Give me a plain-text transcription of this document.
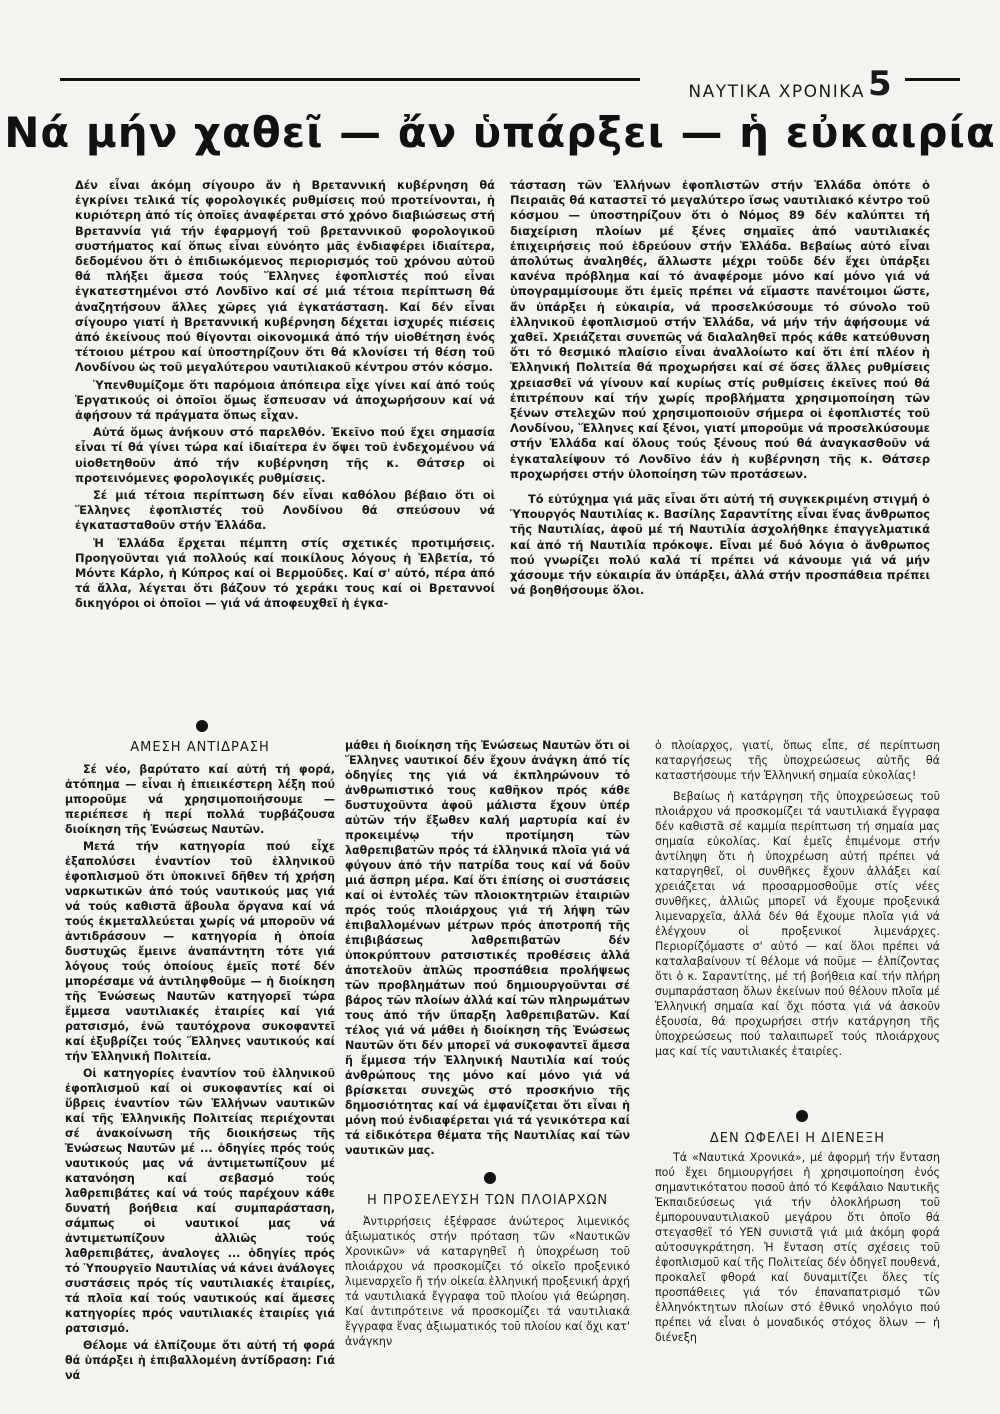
ΝΑΥΤΙΚΑ ΧΡΟΝΙΚΑ 5
Νά μήν χαθεῖ — ἄν ὑπάρξει — ἡ εὐκαιρία

Δέν εἶναι ἀκόμη σίγουρο ἄν ἡ Βρεταννική κυβέρνηση θά ἐγκρίνει τελικά τίς φορολογικές ρυθμίσεις πού προτείνονται, ἡ κυριότερη ἀπό τίς ὁποῖες ἀναφέρεται στό χρόνο διαβιώσεως στή Βρεταννία γιά τήν ἐφαρμογή τοῦ βρεταννικοῦ φορολογικοῦ συστήματος καί ὅπως εἶναι εὐνόητο μᾶς ἐνδιαφέρει ἰδιαίτερα, δεδομένου ὅτι ὁ ἐπιδιωκόμενος περιορισμός τοῦ χρόνου αὐτοῦ θά πλήξει ἄμεσα τούς Ἕλληνες ἐφοπλιστές πού εἶναι ἐγκατεστημένοι στό Λονδῖνο καί σέ μιά τέτοια περίπτωση θά ἀναζητήσουν ἄλλες χῶρες γιά ἐγκατάσταση. Καί δέν εἶναι σίγουρο γιατί ἡ Βρεταννική κυβέρνηση δέχεται ἰσχυρές πιέσεις ἀπό ἐκείνους πού θίγονται οἰκονομικά ἀπό τήν υἱοθέτηση ἑνός τέτοιου μέτρου καί ὑποστηρίζουν ὅτι θά κλονίσει τή θέση τοῦ Λονδίνου ὡς τοῦ μεγαλύτερου ναυτιλιακοῦ κέντρου στόν κόσμο.

Ὑπενθυμίζομε ὅτι παρόμοια ἀπόπειρα εἶχε γίνει καί ἀπό τούς Ἐργατικούς οἱ ὁποῖοι ὅμως ἔσπευσαν νά ἀποχωρήσουν καί νά ἀφήσουν τά πράγματα ὅπως εἶχαν.

Αὐτά ὅμως ἀνήκουν στό παρελθόν. Ἐκεῖνο πού ἔχει σημασία εἶναι τί θά γίνει τώρα καί ἰδιαίτερα ἐν ὄψει τοῦ ἐνδεχομένου νά υἱοθετηθοῦν ἀπό τήν κυβέρνηση τῆς κ. Θάτσερ οἱ προτεινόμενες φορολογικές ρυθμίσεις.

Σέ μιά τέτοια περίπτωση δέν εἶναι καθόλου βέβαιο ὅτι οἱ Ἕλληνες ἐφοπλιστές τοῦ Λονδίνου θά σπεύσουν νά ἐγκατασταθοῦν στήν Ἑλλάδα.

Ἡ Ἑλλάδα ἔρχεται πέμπτη στίς σχετικές προτιμήσεις. Προηγοῦνται γιά πολλούς καί ποικίλους λόγους ἡ Ἑλβετία, τό Μόντε Κάρλο, ἡ Κύπρος καί οἱ Βερμοῦδες. Καί σ' αὐτό, πέρα ἀπό τά ἄλλα, λέγεται ὅτι βάζουν τό χεράκι τους καί οἱ Βρεταννοί δικηγόροι οἱ ὁποῖοι — γιά νά ἀποφευχθεῖ ἡ ἐγκα-

τάσταση τῶν Ἑλλήνων ἐφοπλιστῶν στήν Ἑλλάδα ὁπότε ὁ Πειραιᾶς θά καταστεῖ τό μεγαλύτερο ἴσως ναυτιλιακό κέντρο τοῦ κόσμου — ὑποστηρίζουν ὅτι ὁ Νόμος 89 δέν καλύπτει τή διαχείριση πλοίων μέ ξένες σημαῖες ἀπό ναυτιλιακές ἐπιχειρήσεις πού ἑδρεύουν στήν Ἑλλάδα. Βεβαίως αὐτό εἶναι ἀπολύτως ἀναληθές, ἄλλωστε μέχρι τοῦδε δέν ἔχει ὑπάρξει κανένα πρόβλημα καί τό ἀναφέρομε μόνο καί μόνο γιά νά ὑπογραμμίσουμε ὅτι ἐμεῖς πρέπει νά εἴμαστε πανέτοιμοι ὥστε, ἄν ὑπάρξει ἡ εὐκαιρία, νά προσελκύσουμε τό σύνολο τοῦ ἑλληνικοῦ ἐφοπλισμοῦ στήν Ἑλλάδα, νά μήν τήν ἀφήσουμε νά χαθεῖ. Χρειάζεται συνεπῶς νά διαλαληθεῖ πρός κάθε κατεύθυνση ὅτι τό θεσμικό πλαίσιο εἶναι ἀναλλοίωτο καί ὅτι ἐπί πλέον ἡ Ἑλληνική Πολιτεία θά προχωρήσει καί σέ ὅσες ἄλλες ρυθμίσεις χρειασθεῖ νά γίνουν καί κυρίως στίς ρυθμίσεις ἐκεῖνες πού θά ἐπιτρέπουν καί τήν χωρίς προβλήματα χρησιμοποίηση τῶν ξένων στελεχῶν πού χρησιμοποιοῦν σήμερα οἱ ἐφοπλιστές τοῦ Λονδίνου, Ἕλληνες καί ξένοι, γιατί μποροῦμε νά προσελκύσουμε στήν Ἑλλάδα καί ὅλους τούς ξένους πού θά ἀναγκασθοῦν νά ἐγκαταλείψουν τό Λονδῖνο ἐάν ἡ κυβέρνηση τῆς κ. Θάτσερ προχωρήσει στήν ὑλοποίηση τῶν προτάσεων.

Τό εὐτύχημα γιά μᾶς εἶναι ὅτι αὐτή τή συγκεκριμένη στιγμή ὁ Ὑπουργός Ναυτιλίας κ. Βασίλης Σαραντίτης εἶναι ἕνας ἄνθρωπος τῆς Ναυτιλίας, ἀφοῦ μέ τή Ναυτιλία ἀσχολήθηκε ἐπαγγελματικά καί ἀπό τή Ναυτιλία πρόκοψε. Εἶναι μέ δυό λόγια ὁ ἄνθρωπος πού γνωρίζει πολύ καλά τί πρέπει νά κάνουμε γιά νά μήν χάσουμε τήν εὐκαιρία ἄν ὑπάρξει, ἀλλά στήν προσπάθεια πρέπει νά βοηθήσουμε ὅλοι.

ΑΜΕΣΗ ΑΝΤΙΔΡΑΣΗ

Σέ νέο, βαρύτατο καί αὐτή τή φορά, ἀτόπημα — εἶναι ἡ ἐπιεικέστερη λέξη πού μποροῦμε νά χρησιμοποιήσουμε — περιέπεσε ἡ περί πολλά τυρβάζουσα διοίκηση τῆς Ἑνώσεως Ναυτῶν.

Μετά τήν κατηγορία πού εἶχε ἐξαπολύσει ἐναντίον τοῦ ἑλληνικοῦ ἐφοπλισμοῦ ὅτι ὑποκινεῖ δῆθεν τή χρήση ναρκωτικῶν ἀπό τούς ναυτικούς μας γιά νά τούς καθιστᾶ ἄβουλα ὄργανα καί νά τούς ἐκμεταλλεύεται χωρίς νά μποροῦν νά ἀντιδράσουν — κατηγορία ἡ ὁποία δυστυχῶς ἔμεινε ἀναπάντητη τότε γιά λόγους τούς ὁποίους ἐμεῖς ποτέ δέν μπορέσαμε νά ἀντιληφθοῦμε — ἡ διοίκηση τῆς Ἑνώσεως Ναυτῶν κατηγορεῖ τώρα ἔμμεσα ναυτιλιακές ἑταιρίες καί γιά ρατσισμό, ἐνῶ ταυτόχρονα συκοφαντεῖ καί ἐξυβρίζει τούς Ἕλληνες ναυτικούς καί τήν Ἑλληνική Πολιτεία.

Οἱ κατηγορίες ἐναντίον τοῦ ἑλληνικοῦ ἐφοπλισμοῦ καί οἱ συκοφαντίες καί οἱ ὕβρεις ἐναντίον τῶν Ἑλλήνων ναυτικῶν καί τῆς Ἑλληνικῆς Πολιτείας περιέχονται σέ ἀνακοίνωση τῆς διοικήσεως τῆς Ἑνώσεως Ναυτῶν μέ ... ὁδηγίες πρός τούς ναυτικούς μας νά ἀντιμετωπίζουν μέ κατανόηση καί σεβασμό τούς λαθρεπιβάτες καί νά τούς παρέχουν κάθε δυνατή βοήθεια καί συμπαράσταση, σάμπως οἱ ναυτικοί μας νά ἀντιμετωπίζουν ἀλλιῶς τούς λαθρεπιβάτες, ἀναλογες ... ὁδηγίες πρός τό Ὑπουργεῖο Ναυτιλίας νά κάνει ἀνάλογες συστάσεις πρός τίς ναυτιλιακές ἑταιρίες, τά πλοῖα καί τούς ναυτικούς καί ἄμεσες κατηγορίες πρός ναυτιλιακές ἑταιρίες γιά ρατσισμό.

Θέλομε νά ἐλπίζουμε ὅτι αὐτή τή φορά θά ὑπάρξει ἡ ἐπιβαλλομένη ἀντίδραση: Γιά νά

μάθει ἡ διοίκηση τῆς Ἑνώσεως Ναυτῶν ὅτι οἱ Ἕλληνες ναυτικοί δέν ἔχουν ἀνάγκη ἀπό τίς ὁδηγίες της γιά νά ἐκπληρώνουν τό ἀνθρωπιστικό τους καθῆκον πρός κάθε δυστυχοῦντα ἀφοῦ μάλιστα ἔχουν ὑπέρ αὐτῶν τήν ἔξωθεν καλή μαρτυρία καί ἐν προκειμένῳ τήν προτίμηση τῶν λαθρεπιβατῶν πρός τά ἑλληνικά πλοῖα γιά νά φύγουν ἀπό τήν πατρίδα τους καί νά δοῦν μιά ἄσπρη μέρα. Καί ὅτι ἐπίσης οἱ συστάσεις καί οἱ ἐντολές τῶν πλοιοκτητριῶν ἑταιριῶν πρός τούς πλοιάρχους γιά τή λήψη τῶν ἐπιβαλλομένων μέτρων πρός ἀποτροπή τῆς ἐπιβιβάσεως λαθρεπιβατῶν δέν ὑποκρύπτουν ρατσιστικές προθέσεις ἀλλά ἀποτελοῦν ἁπλῶς προσπάθεια προλήψεως τῶν προβλημάτων πού δημιουργοῦνται σέ βάρος τῶν πλοίων ἀλλά καί τῶν πληρωμάτων τους ἀπό τήν ὕπαρξη λαθρεπιβατῶν. Καί τέλος γιά νά μάθει ἡ διοίκηση τῆς Ἑνώσεως Ναυτῶν ὅτι δέν μπορεῖ νά συκοφαντεῖ ἄμεσα ἤ ἔμμεσα τήν Ἑλληνική Ναυτιλία καί τούς ἀνθρώπους της μόνο καί μόνο γιά νά βρίσκεται συνεχῶς στό προσκήνιο τῆς δημοσιότητας καί νά ἐμφανίζεται ὅτι εἶναι ἡ μόνη πού ἐνδιαφέρεται γιά τά γενικότερα καί τά εἰδικότερα θέματα τῆς Ναυτιλίας καί τῶν ναυτικῶν μας.

Η ΠΡΟΣΕΛΕΥΣΗ ΤΩΝ ΠΛΟΙΑΡΧΩΝ

Ἀντιρρήσεις ἐξέφρασε ἀνώτερος λιμενικός ἀξιωματικός στήν πρόταση τῶν «Ναυτικῶν Χρονικῶν» νά καταργηθεῖ ἡ ὑποχρέωση τοῦ πλοιάρχου νά προσκομίζει τό οἰκεῖο προξενικό λιμεναρχεῖο ἤ τήν οἰκεία ἑλληνική προξενική ἀρχή τά ναυτιλιακά ἔγγραφα τοῦ πλοίου γιά θεώρηση. Καί ἀντιπρότεινε νά προσκομίζει τά ναυτιλιακά ἔγγραφα ἕνας ἀξιωματικός τοῦ πλοίου καί ὄχι κατ' ἀνάγκην

ὁ πλοίαρχος, γιατί, ὅπως εἶπε, σέ περίπτωση καταργήσεως τῆς ὑποχρεώσεως αὐτῆς θά καταστήσουμε τήν Ἑλληνική σημαία εὐκολίας!

Βεβαίως ἡ κατάργηση τῆς ὑποχρεώσεως τοῦ πλοιάρχου νά προσκομίζει τά ναυτιλιακά ἔγγραφα δέν καθιστᾶ σέ καμμία περίπτωση τή σημαία μας σημαία εὐκολίας. Καί ἐμεῖς ἐπιμένομε στήν ἀντίληψη ὅτι ἡ ὑποχρέωση αὐτή πρέπει νά καταργηθεῖ, οἱ συνθῆκες ἔχουν ἀλλάξει καί χρειάζεται νά προσαρμοσθοῦμε στίς νέες συνθῆκες, ἀλλιῶς μπορεῖ νά ἔχουμε προξενικά λιμεναρχεῖα, ἀλλά δέν θά ἔχουμε πλοῖα γιά νά ἐλέγχουν οἱ προξενικοί λιμενάρχες. Περιορίζόμαστε σ' αὐτό — καί ὅλοι πρέπει νά καταλαβαίνουν τί θέλομε νά ποῦμε — ἐλπίζοντας ὅτι ὁ κ. Σαραντίτης, μέ τή βοήθεια καί τήν πλήρη συμπαράσταση ὅλων ἐκείνων πού θέλουν πλοῖα μέ Ἑλληνική σημαία καί ὄχι πόστα γιά νά ἀσκοῦν ἐξουσία, θά προχωρήσει στήν κατάργηση τῆς ὑποχρεώσεως πού ταλαιπωρεῖ τούς πλοιάρχους μας καί τίς ναυτιλιακές ἑταιρίες.

ΔΕΝ ΩΦΕΛΕΙ Η ΔΙΕΝΕΞΗ

Τά «Ναυτικά Χρονικά», μέ ἀφορμή τήν ἔνταση πού ἔχει δημιουργήσει ἡ χρησιμοποίηση ἑνός σημαντικότατου ποσοῦ ἀπό τό Κεφάλαιο Ναυτικῆς Ἐκπαιδεύσεως γιά τήν ὁλοκλήρωση τοῦ ἐμπορουναυτιλιακοῦ μεγάρου ὅτι ὁποῖο θά στεγασθεῖ τό ΥΕΝ συνιστᾶ γιά μιά ἀκόμη φορά αὐτοσυγκράτηση. Ἡ ἔνταση στίς σχέσεις τοῦ ἐφοπλισμοῦ καί τῆς Πολιτείας δέν ὁδηγεῖ πουθενά, προκαλεῖ φθορά καί δυναμιτίζει ὅλες τίς προσπάθειες γιά τόν ἐπαναπατρισμό τῶν ἑλληνόκτητων πλοίων στό ἐθνικό νηολόγιο πού πρέπει νά εἶναι ὁ μοναδικός στόχος ὅλων — ἡ διένεξη
